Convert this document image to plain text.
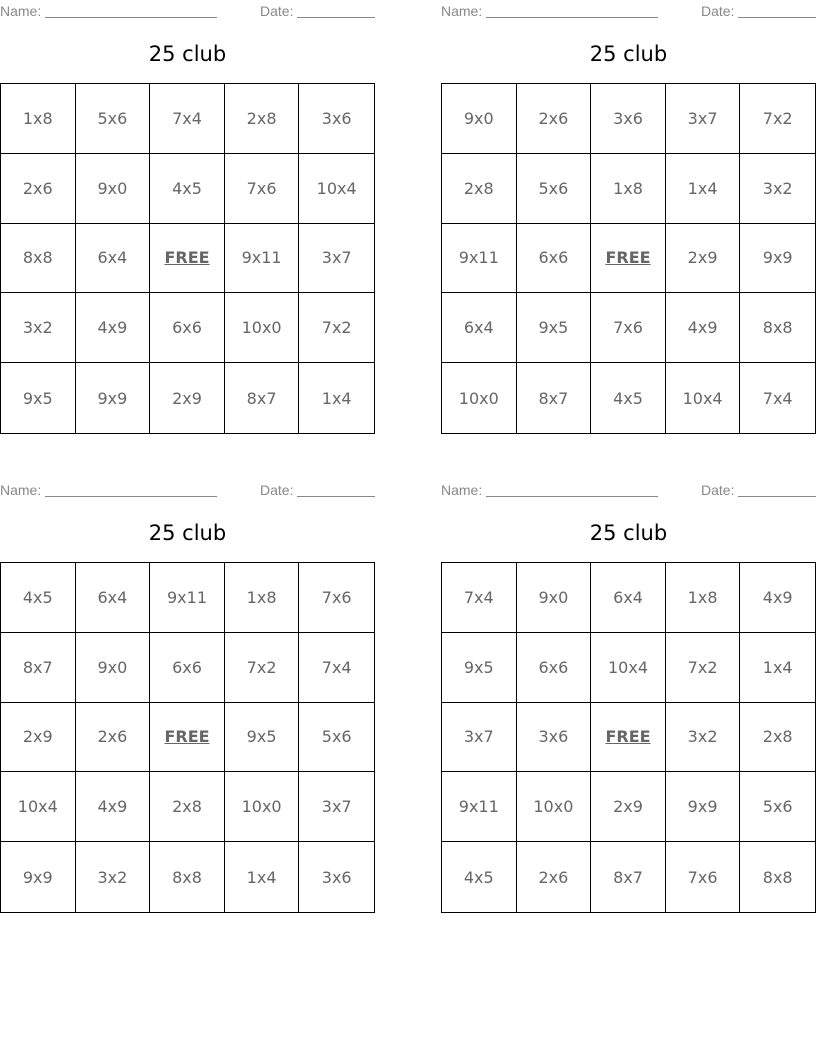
Name:	Date:
25 club
1x8	5x6	7x4	2x8	3x6
2x6	9x0	4x5	7x6	10x4
8x8	6x4	FREE	9x11	3x7
3x2	4x9	6x6	10x0	7x2
9x5	9x9	2x9	8x7	1x4
Name:	Date:
25 club
9x0	2x6	3x6	3x7	7x2
2x8	5x6	1x8	1x4	3x2
9x11	6x6	FREE	2x9	9x9
6x4	9x5	7x6	4x9	8x8
10x0	8x7	4x5	10x4	7x4
Name:	Date:
25 club
4x5	6x4	9x11	1x8	7x6
8x7	9x0	6x6	7x2	7x4
2x9	2x6	FREE	9x5	5x6
10x4	4x9	2x8	10x0	3x7
9x9	3x2	8x8	1x4	3x6
Name:	Date:
25 club
7x4	9x0	6x4	1x8	4x9
9x5	6x6	10x4	7x2	1x4
3x7	3x6	FREE	3x2	2x8
9x11	10x0	2x9	9x9	5x6
4x5	2x6	8x7	7x6	8x8
